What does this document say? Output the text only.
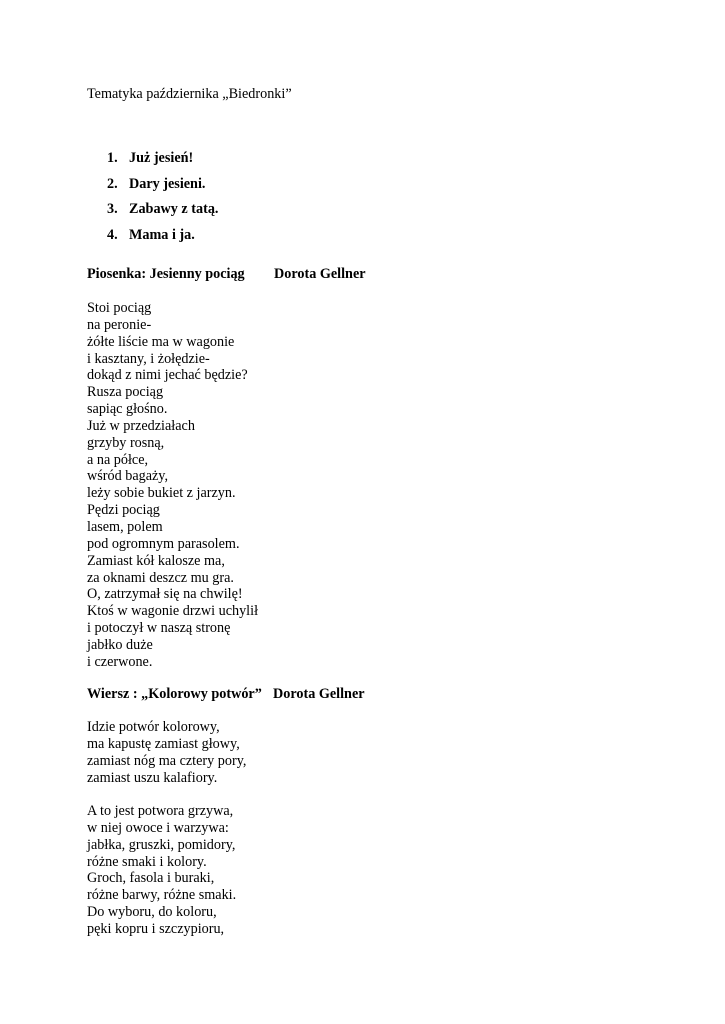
Tematyka października „Biedronki”
1. Już jesień!
2. Dary jesieni.
3. Zabawy z tatą.
4. Mama i ja.
Piosenka: Jesienny pociąg Dorota Gellner
Stoi pociąg
na peronie-
żółte liście ma w wagonie
i kasztany, i żołędzie-
dokąd z nimi jechać będzie?
Rusza pociąg
sapiąc głośno.
Już w przedziałach
grzyby rosną,
a na półce,
wśród bagaży,
leży sobie bukiet z jarzyn.
Pędzi pociąg
lasem, polem
pod ogromnym parasolem.
Zamiast kół kalosze ma,
za oknami deszcz mu gra.
O, zatrzymał się na chwilę!
Ktoś w wagonie drzwi uchylił
i potoczył w naszą stronę
jabłko duże
i czerwone.
Wiersz : „Kolorowy potwór” Dorota Gellner
Idzie potwór kolorowy,
ma kapustę zamiast głowy,
zamiast nóg ma cztery pory,
zamiast uszu kalafiory.
A to jest potwora grzywa,
w niej owoce i warzywa:
jabłka, gruszki, pomidory,
różne smaki i kolory.
Groch, fasola i buraki,
różne barwy, różne smaki.
Do wyboru, do koloru,
pęki kopru i szczypioru,
